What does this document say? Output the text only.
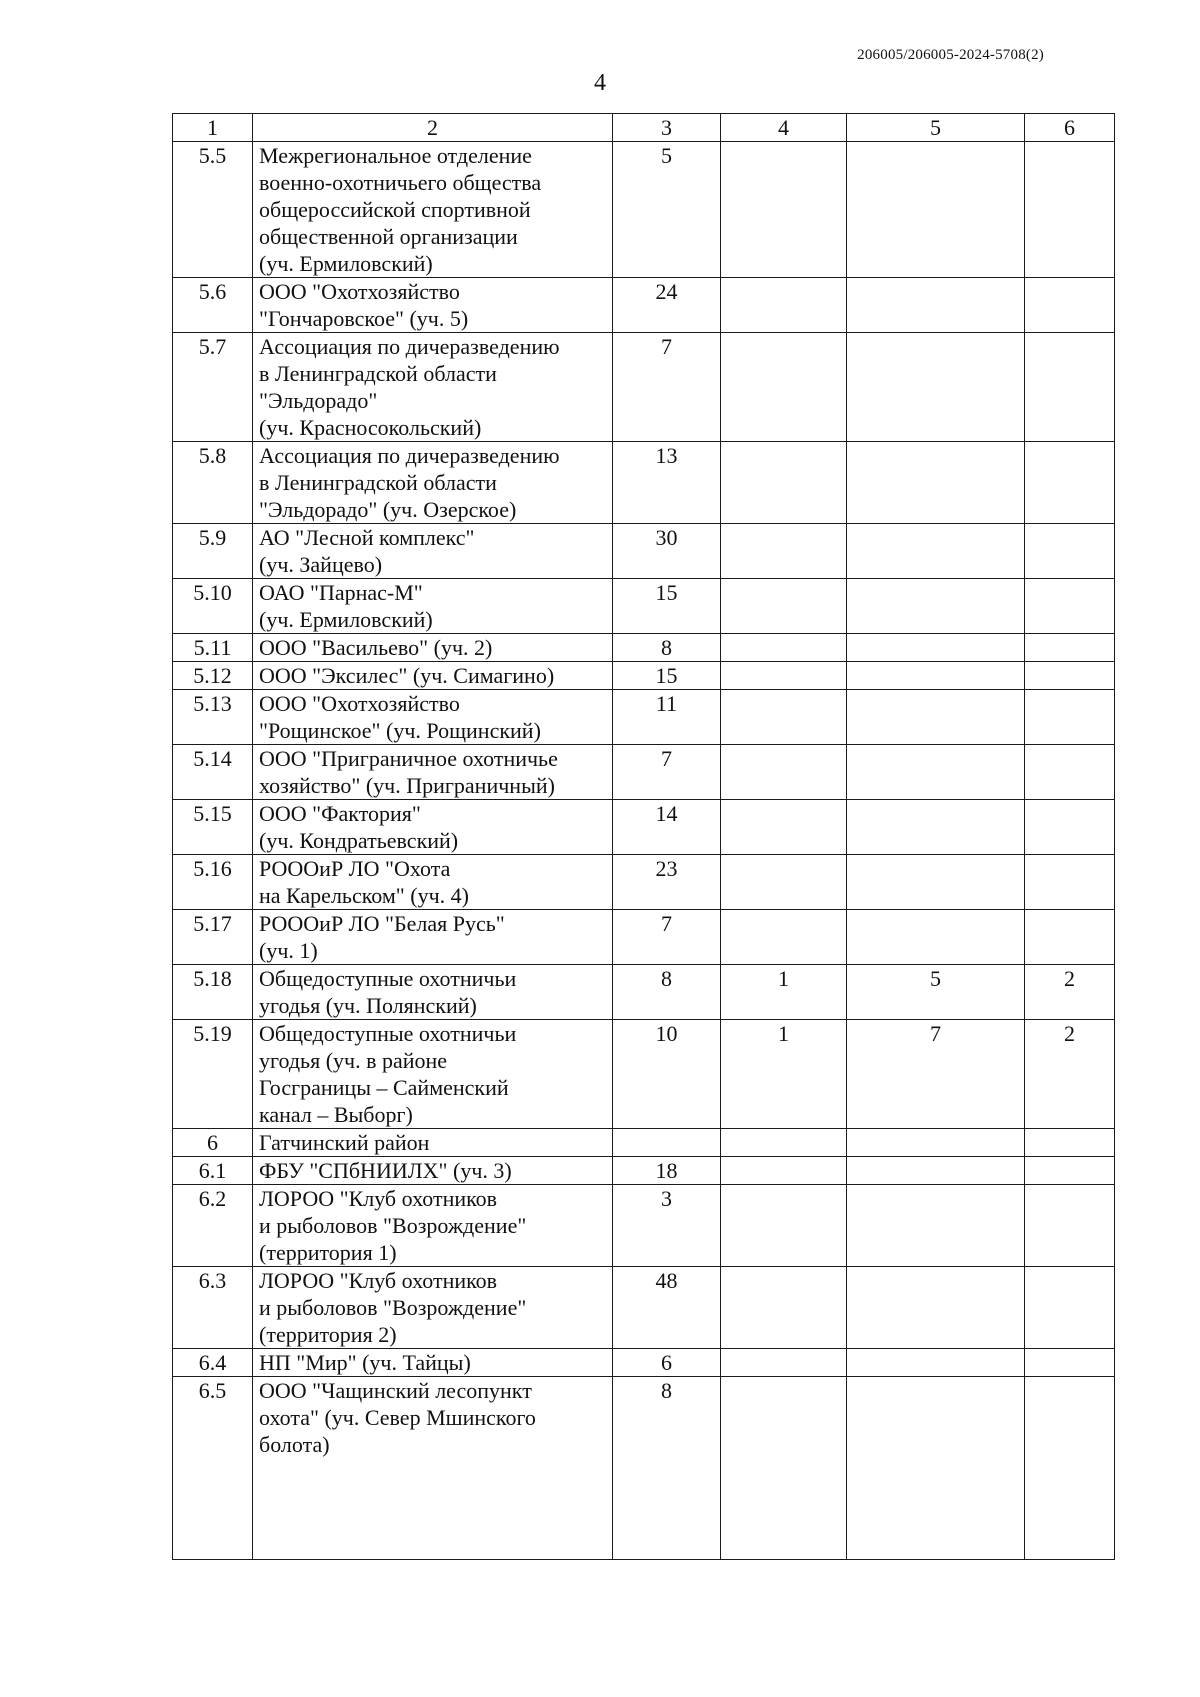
206005/206005-2024-5708(2)
4
1	2	3	4	5	6
5.5	Межрегиональное отделение
военно-охотничьего общества
общероссийской спортивной
общественной организации
(уч. Ермиловский)	5			
5.6	ООО "Охотхозяйство
"Гончаровское" (уч. 5)	24			
5.7	Ассоциация по дичеразведению
в Ленинградской области
"Эльдорадо"
(уч. Красносокольский)	7			
5.8	Ассоциация по дичеразведению
в Ленинградской области
"Эльдорадо" (уч. Озерское)	13			
5.9	АО "Лесной комплекс"
(уч. Зайцево)	30			
5.10	ОАО "Парнас-М"
(уч. Ермиловский)	15			
5.11	ООО "Васильево" (уч. 2)	8			
5.12	ООО "Эксилес" (уч. Симагино)	15			
5.13	ООО "Охотхозяйство
"Рощинское" (уч. Рощинский)	11			
5.14	ООО "Приграничное охотничье
хозяйство" (уч. Приграничный)	7			
5.15	ООО "Фактория"
(уч. Кондратьевский)	14			
5.16	РОООиР ЛО "Охота
на Карельском" (уч. 4)	23			
5.17	РОООиР ЛО "Белая Русь"
(уч. 1)	7			
5.18	Общедоступные охотничьи
угодья (уч. Полянский)	8	1	5	2
5.19	Общедоступные охотничьи
угодья (уч. в районе
Госграницы – Сайменский
канал – Выборг)	10	1	7	2
6	Гатчинский район				
6.1	ФБУ "СПбНИИЛХ" (уч. 3)	18			
6.2	ЛОРОО "Клуб охотников
и рыболовов "Возрождение"
(территория 1)	3			
6.3	ЛОРОО "Клуб охотников
и рыболовов "Возрождение"
(территория 2)	48			
6.4	НП "Мир" (уч. Тайцы)	6			
6.5	ООО "Чащинский лесопункт
охота" (уч. Север Мшинского
болота)	8			
